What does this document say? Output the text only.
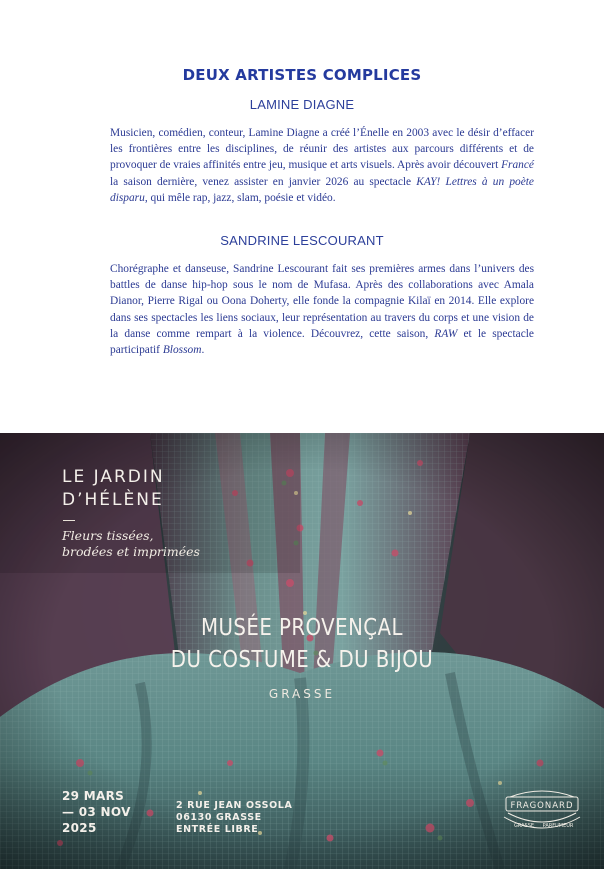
DEUX ARTISTES COMPLICES
LAMINE DIAGNE
Musicien, comédien, conteur, Lamine Diagne a créé l’Énelle en 2003 avec le désir d’effacer les frontières entre les disciplines, de réunir des artistes aux parcours différents et de provoquer de vraies affinités entre jeu, musique et arts visuels. Après avoir découvert Francé la saison dernière, venez assister en janvier 2026 au spectacle KAY! Lettres à un poète disparu, qui mêle rap, jazz, slam, poésie et vidéo.
SANDRINE LESCOURANT
Chorégraphe et danseuse, Sandrine Lescourant fait ses premières armes dans l’univers des battles de danse hip-hop sous le nom de Mufasa. Après des collaborations avec Amala Dianor, Pierre Rigal ou Oona Doherty, elle fonde la compagnie Kilaï en 2014. Elle explore dans ses spectacles les liens sociaux, leur représentation au travers du corps et une vision de la danse comme rempart à la violence. Découvrez, cette saison, RAW et le spectacle participatif Blossom.
LE JARDIN
D’HÉLÈNE
Fleurs tissées,
brodées et imprimées
MUSÉE PROVENÇAL
DU COSTUME & DU BIJOU
GRASSE
29 MARS
— 03 NOV
2025
2 RUE JEAN OSSOLA
06130 GRASSE
ENTRÉE LIBRE
FRAGONARD
GRASSE PARFUMEUR
